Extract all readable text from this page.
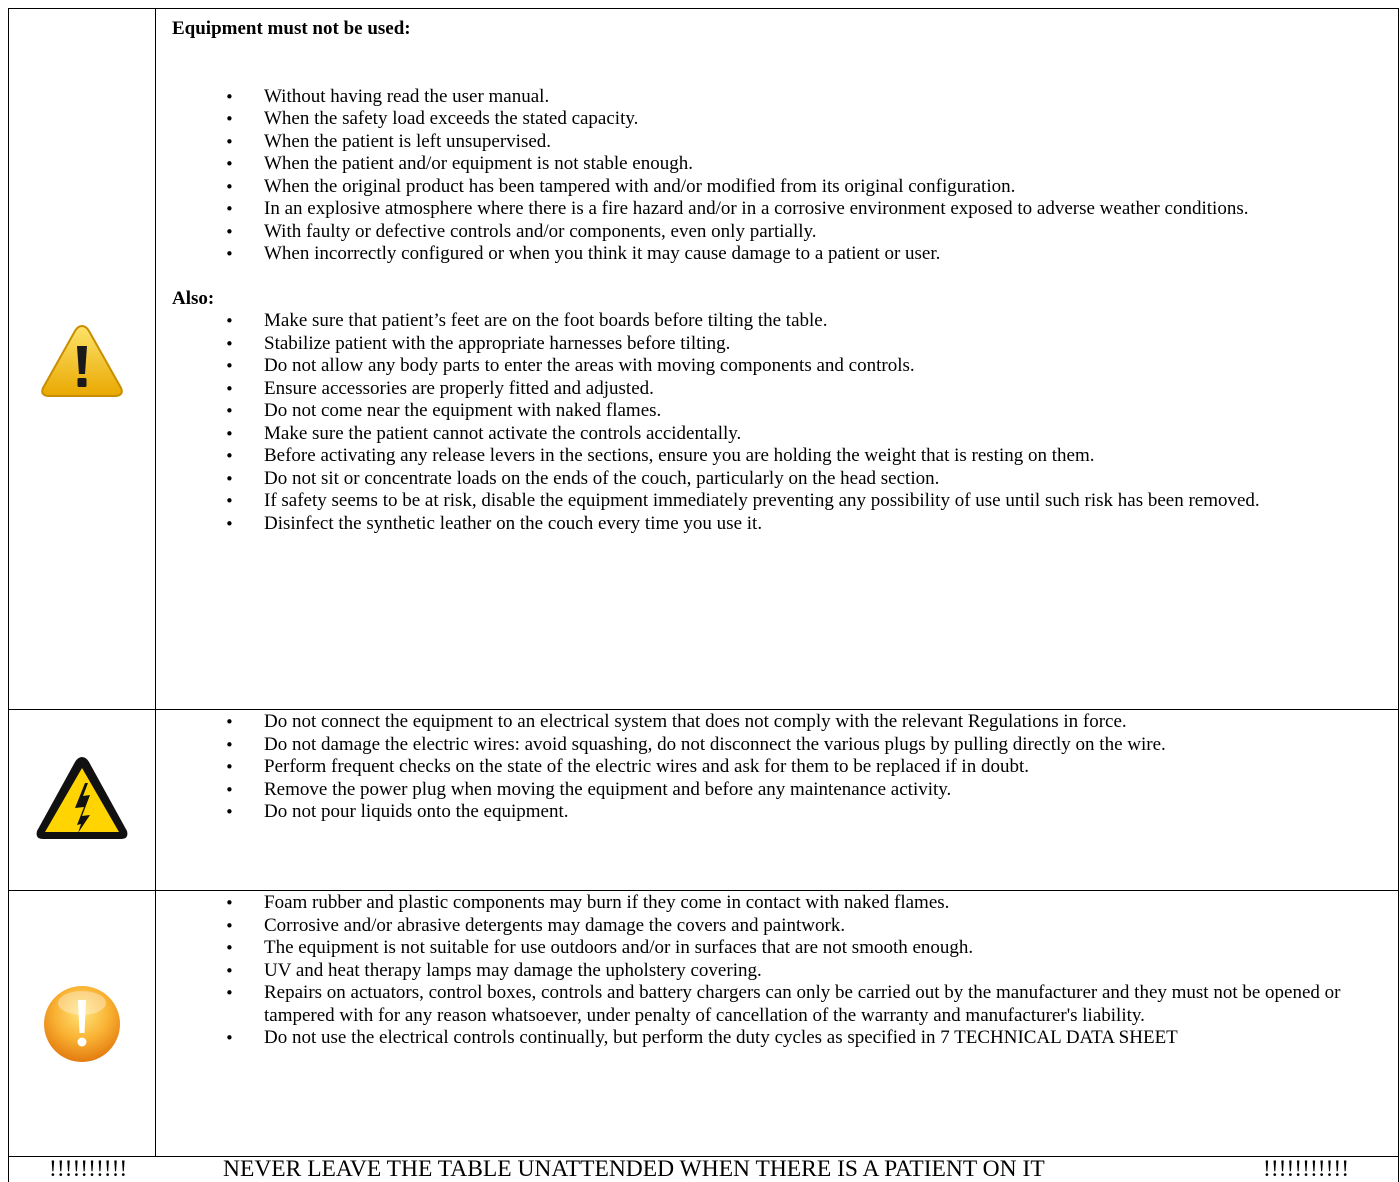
Equipment must not be used:
• Without having read the user manual.
• When the safety load exceeds the stated capacity.
• When the patient is left unsupervised.
• When the patient and/or equipment is not stable enough.
• When the original product has been tampered with and/or modified from its original configuration.
• In an explosive atmosphere where there is a fire hazard and/or in a corrosive environment exposed to adverse weather conditions.
• With faulty or defective controls and/or components, even only partially.
• When incorrectly configured or when you think it may cause damage to a patient or user.
Also:
• Make sure that patient’s feet are on the foot boards before tilting the table.
• Stabilize patient with the appropriate harnesses before tilting.
• Do not allow any body parts to enter the areas with moving components and controls.
• Ensure accessories are properly fitted and adjusted.
• Do not come near the equipment with naked flames.
• Make sure the patient cannot activate the controls accidentally.
• Before activating any release levers in the sections, ensure you are holding the weight that is resting on them.
• Do not sit or concentrate loads on the ends of the couch, particularly on the head section.
• If safety seems to be at risk, disable the equipment immediately preventing any possibility of use until such risk has been removed.
• Disinfect the synthetic leather on the couch every time you use it.
• Do not connect the equipment to an electrical system that does not comply with the relevant Regulations in force.
• Do not damage the electric wires: avoid squashing, do not disconnect the various plugs by pulling directly on the wire.
• Perform frequent checks on the state of the electric wires and ask for them to be replaced if in doubt.
• Remove the power plug when moving the equipment and before any maintenance activity.
• Do not pour liquids onto the equipment.
• Foam rubber and plastic components may burn if they come in contact with naked flames.
• Corrosive and/or abrasive detergents may damage the covers and paintwork.
• The equipment is not suitable for use outdoors and/or in surfaces that are not smooth enough.
• UV and heat therapy lamps may damage the upholstery covering.
• Repairs on actuators, control boxes, controls and battery chargers can only be carried out by the manufacturer and they must not be opened or tampered with for any reason whatsoever, under penalty of cancellation of the warranty and manufacturer's liability.
• Do not use the electrical controls continually, but perform the duty cycles as specified in 7 TECHNICAL DATA SHEET
!!!!!!!!!!	NEVER LEAVE THE TABLE UNATTENDED WHEN THERE IS A PATIENT ON IT	!!!!!!!!!!!
